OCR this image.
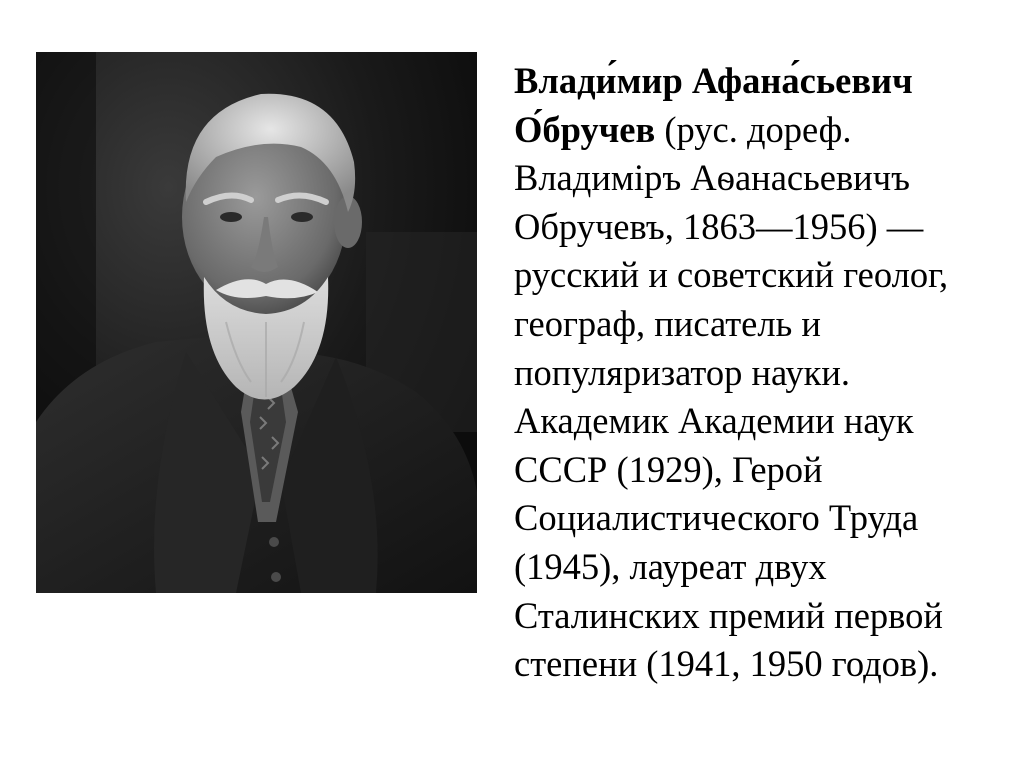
Влади́мир Афана́сьевич
О́бручев (рус. дореф.
Владиміръ Аѳанасьевичъ
Обручевъ, 1863—1956) —
русский и советский геолог,
географ, писатель и
популяризатор науки.
Академик Академии наук
СССР (1929), Герой
Социалистического Труда
(1945), лауреат двух
Сталинских премий первой
степени (1941, 1950 годов).
